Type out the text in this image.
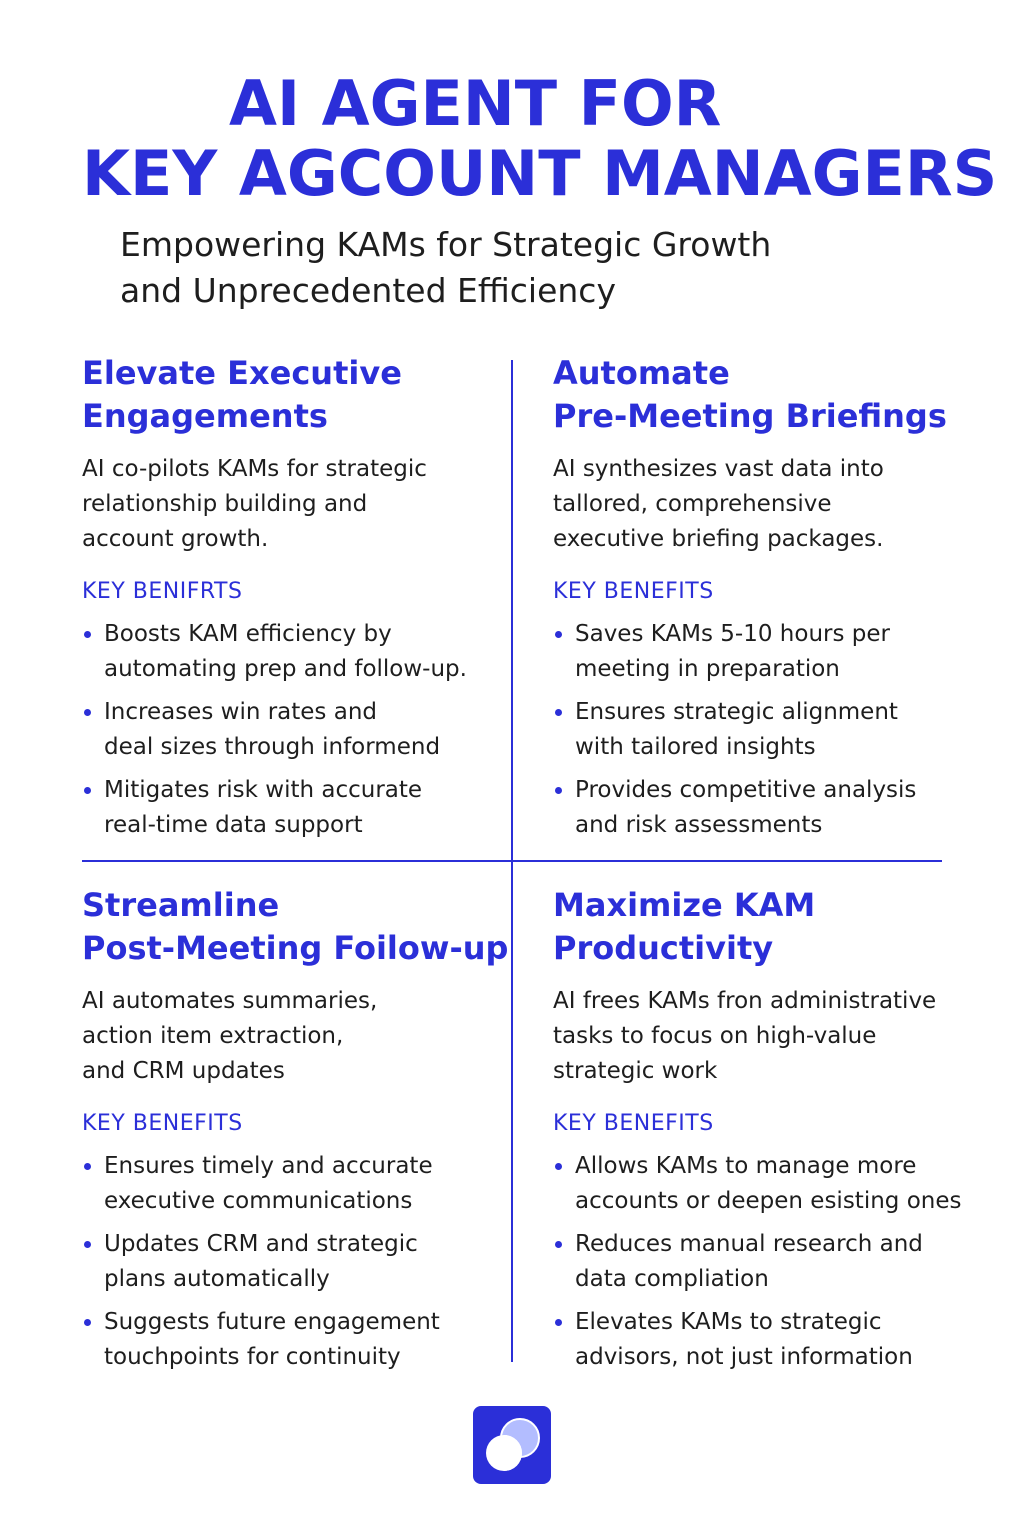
AI AGENT FOR
KEY AGCOUNT MANAGERS
Empowering KAMs for Strategic Growth
and Unprecedented Efficiency
Elevate Executive
Engagements
AI co-pilots KAMs for strategic
relationship building and
account growth.
KEY BENIFRTS
Boosts KAM efficiency by
automating prep and follow-up.
Increases win rates and
deal sizes through informend
Mitigates risk with accurate
real-time data support
Automate
Pre-Meeting Briefings
AI synthesizes vast data into
tallored, comprehensive
executive briefing packages.
KEY BENEFITS
Saves KAMs 5-10 hours per
meeting in preparation
Ensures strategic alignment
with tailored insights
Provides competitive analysis
and risk assessments
Streamline
Post-Meeting Foilow-up
AI automates summaries,
action item extraction,
and CRM updates
KEY BENEFITS
Ensures timely and accurate
executive communications
Updates CRM and strategic
plans automatically
Suggests future engagement
touchpoints for continuity
Maximize KAM
Productivity
AI frees KAMs fron administrative
tasks to focus on high-value
strategic work
KEY BENEFITS
Allows KAMs to manage more
accounts or deepen esisting ones
Reduces manual research and
data compliation
Elevates KAMs to strategic
advisors, not just information
